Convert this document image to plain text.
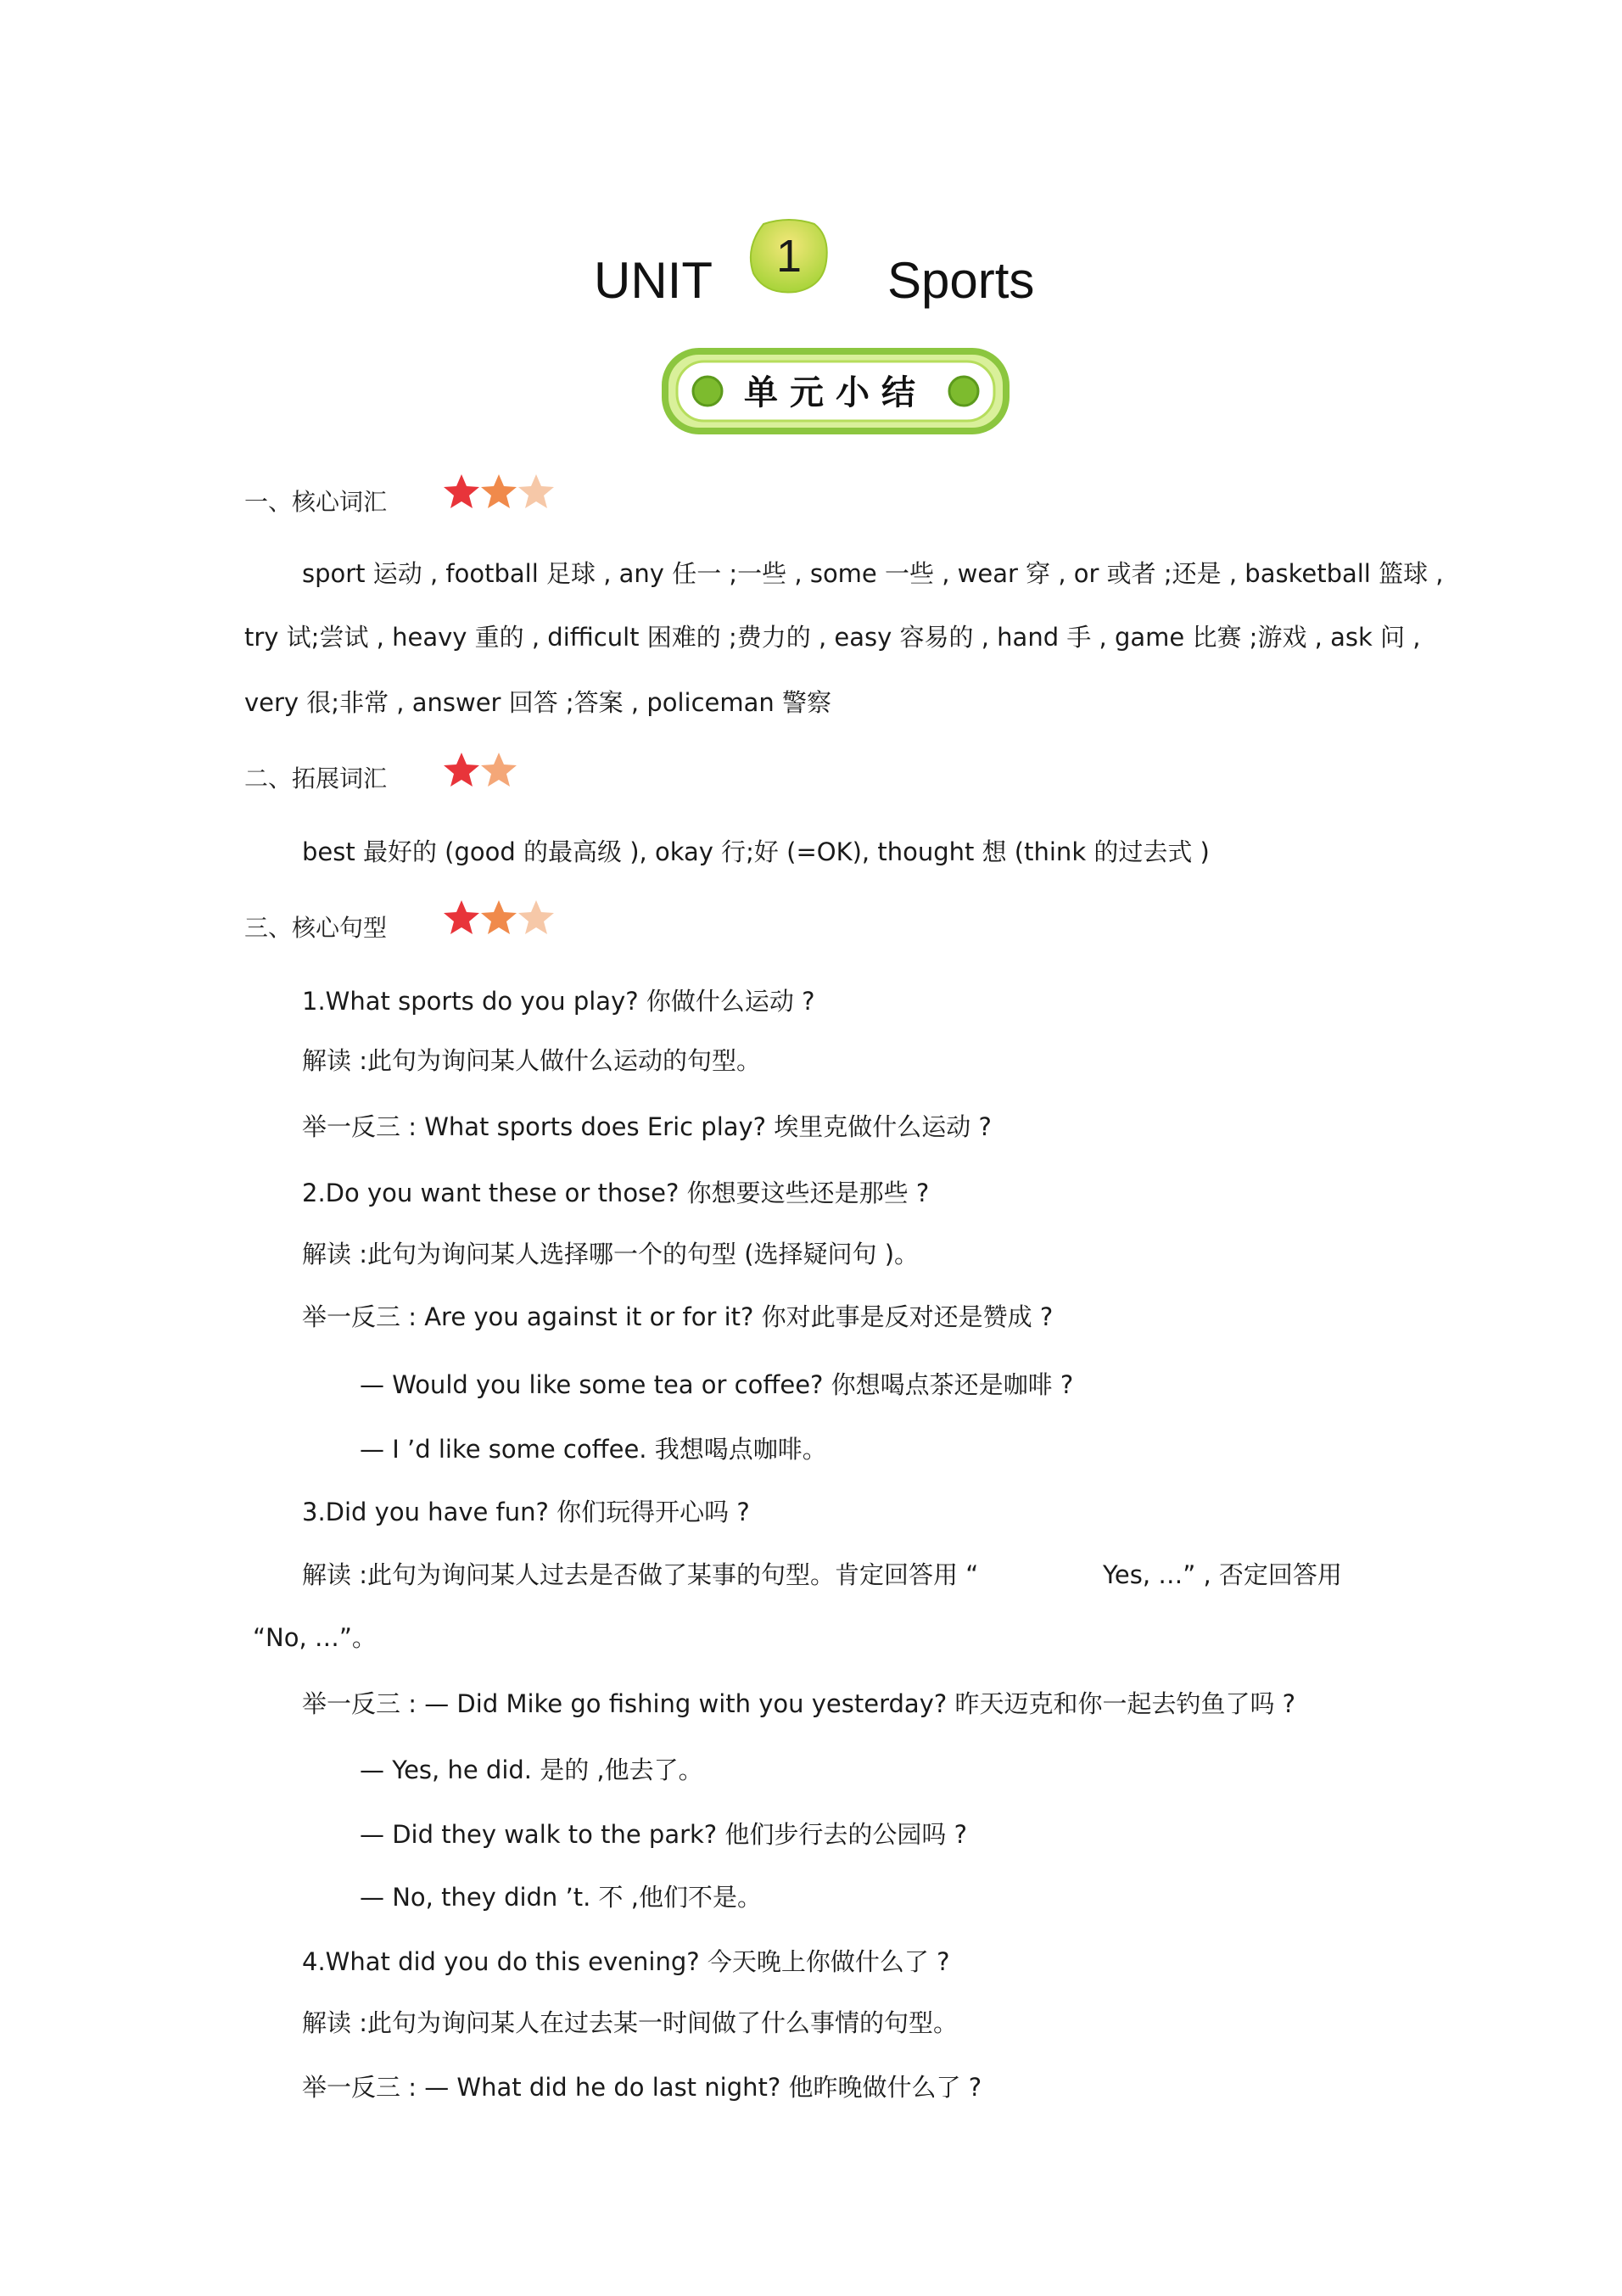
UNIT 1 Sports
单元小结
一、核心词汇
sport 运动 , football 足球 , any 任一 ;一些 , some 一些 , wear 穿 , or 或者 ;还是 , basketball 篮球 ,
try 试;尝试 , heavy 重的 , difficult 困难的 ;费力的 , easy 容易的 , hand 手 , game 比赛 ;游戏 , ask 问 ,
very 很;非常 , answer 回答 ;答案 , policeman 警察
二、拓展词汇
best 最好的 (good 的最高级 ), okay 行;好 (=OK), thought 想 (think 的过去式 )
三、核心句型
1.What sports do you play? 你做什么运动 ?
解读 :此句为询问某人做什么运动的句型。
举一反三 : What sports does Eric play? 埃里克做什么运动 ?
2.Do you want these or those? 你想要这些还是那些 ?
解读 :此句为询问某人选择哪一个的句型 (选择疑问句 )。
举一反三 : Are you against it or for it? 你对此事是反对还是赞成 ?
— Would you like some tea or coffee? 你想喝点茶还是咖啡 ?
— I ’d like some coffee. 我想喝点咖啡。
3.Did you have fun? 你们玩得开心吗 ?
解读 :此句为询问某人过去是否做了某事的句型。肯定回答用 “	Yes, …” , 否定回答用
“No, …”。
举一反三 : — Did Mike go fishing with you yesterday? 昨天迈克和你一起去钓鱼了吗 ?
— Yes, he did. 是的 ,他去了。
— Did they walk to the park? 他们步行去的公园吗 ?
— No, they didn ’t. 不 ,他们不是。
4.What did you do this evening? 今天晚上你做什么了 ?
解读 :此句为询问某人在过去某一时间做了什么事情的句型。
举一反三 : — What did he do last night? 他昨晚做什么了 ?
